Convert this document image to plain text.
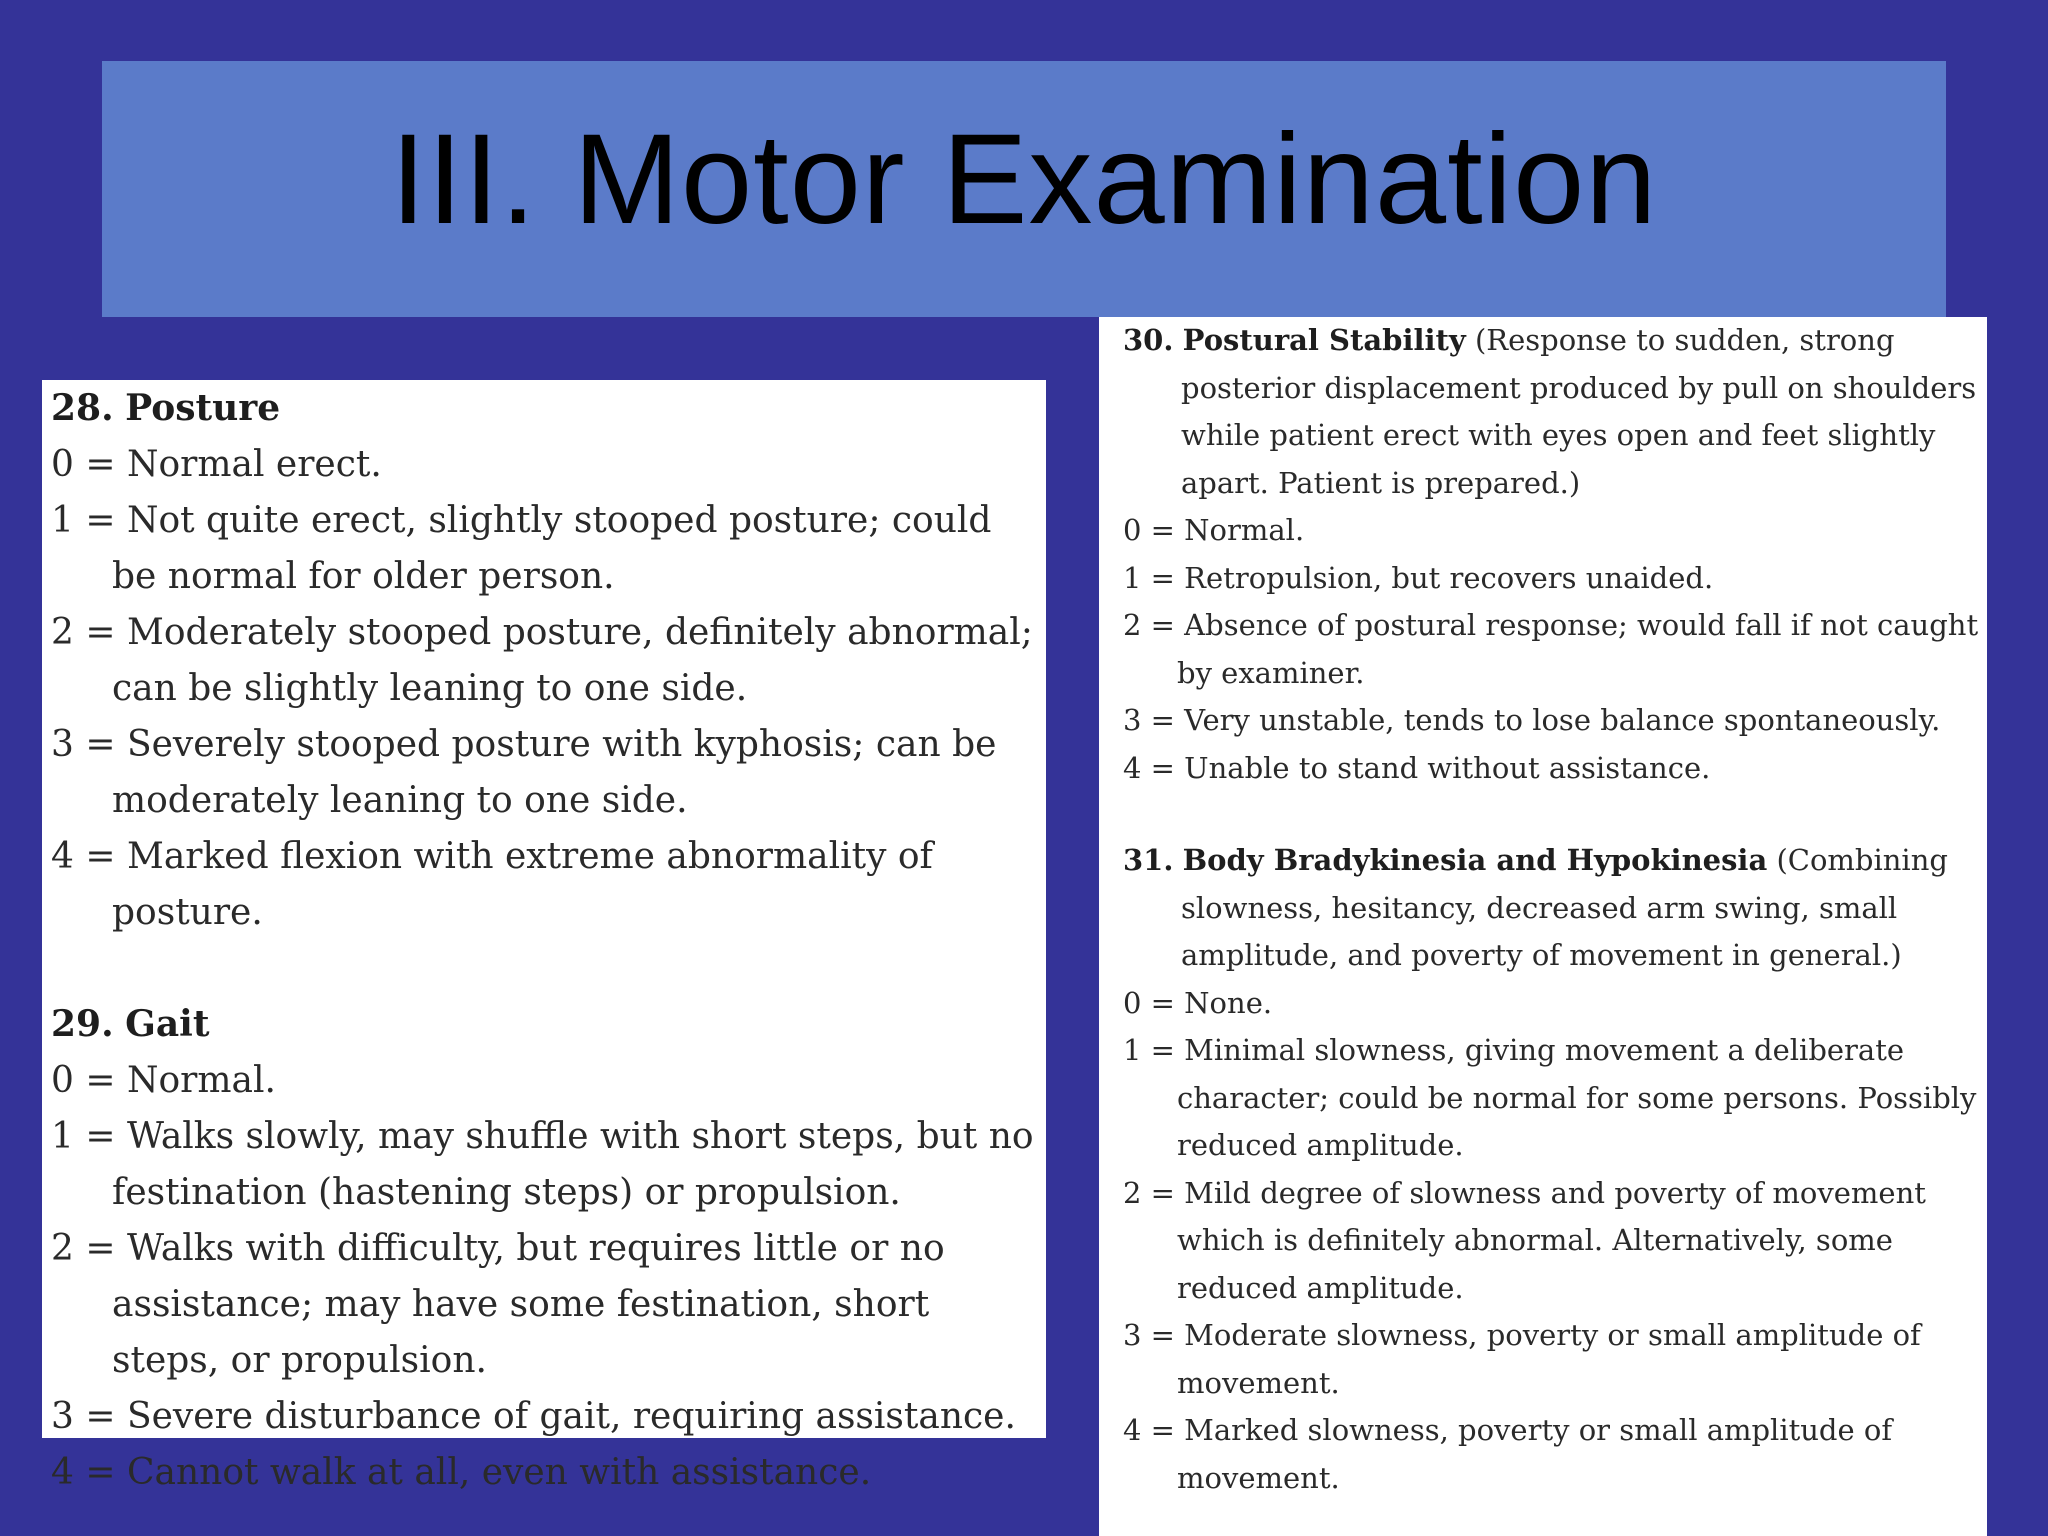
III. Motor Examination

28. Posture

0 = Normal erect.

1 = Not quite erect, slightly stooped posture; could be normal for older person.

2 = Moderately stooped posture, definitely abnormal; can be slightly leaning to one side.

3 = Severely stooped posture with kyphosis; can be moderately leaning to one side.

4 = Marked flexion with extreme abnormality of posture.

29. Gait

0 = Normal.

1 = Walks slowly, may shuffle with short steps, but no festination (hastening steps) or propulsion.

2 = Walks with difficulty, but requires little or no assistance; may have some festination, short steps, or propulsion.

3 = Severe disturbance of gait, requiring assistance.

4 = Cannot walk at all, even with assistance.

30. Postural Stability (Response to sudden, strong posterior displacement produced by pull on shoulders while patient erect with eyes open and feet slightly apart. Patient is prepared.)

0 = Normal.

1 = Retropulsion, but recovers unaided.

2 = Absence of postural response; would fall if not caught by examiner.

3 = Very unstable, tends to lose balance spontaneously.

4 = Unable to stand without assistance.

31. Body Bradykinesia and Hypokinesia (Combining slowness, hesitancy, decreased arm swing, small amplitude, and poverty of movement in general.)

0 = None.

1 = Minimal slowness, giving movement a deliberate character; could be normal for some persons. Possibly reduced amplitude.

2 = Mild degree of slowness and poverty of movement which is definitely abnormal. Alternatively, some reduced amplitude.

3 = Moderate slowness, poverty or small amplitude of movement.

4 = Marked slowness, poverty or small amplitude of movement.
